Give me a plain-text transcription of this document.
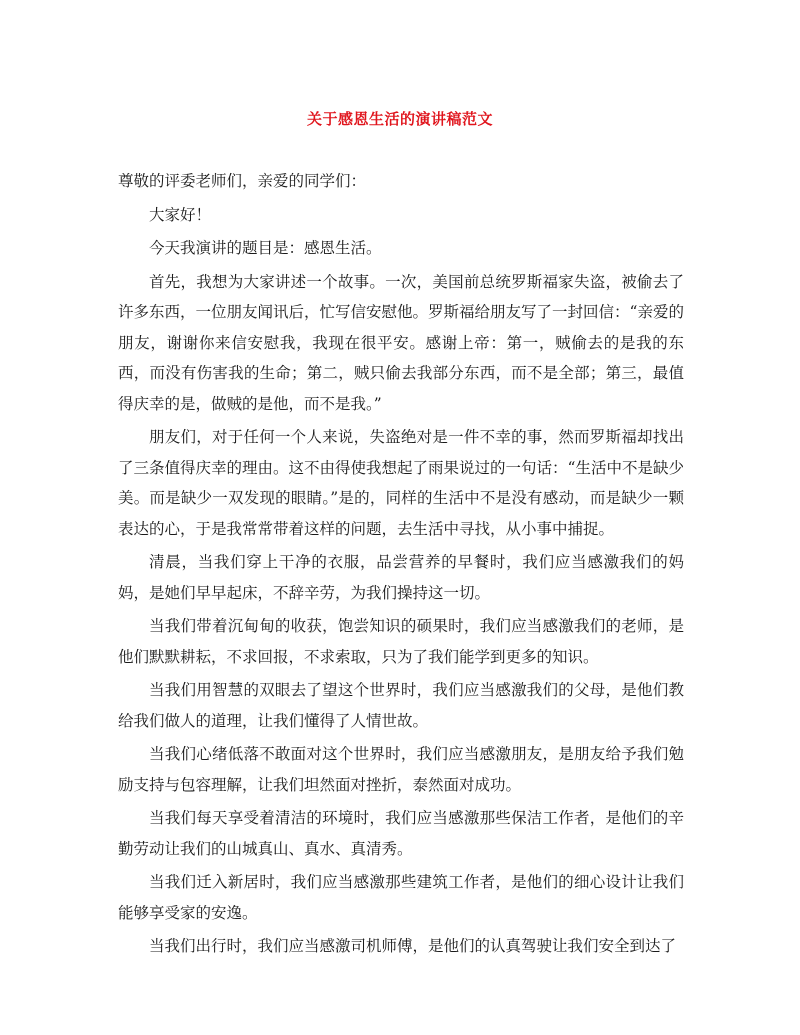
关于感恩生活的演讲稿范文

尊敬的评委老师们，亲爱的同学们：

大家好！

今天我演讲的题目是：感恩生活。

首先，我想为大家讲述一个故事。一次，美国前总统罗斯福家失盗，被偷去了许多东西，一位朋友闻讯后，忙写信安慰他。罗斯福给朋友写了一封回信：“亲爱的朋友，谢谢你来信安慰我，我现在很平安。感谢上帝：第一，贼偷去的是我的东西，而没有伤害我的生命；第二，贼只偷去我部分东西，而不是全部；第三，最值得庆幸的是，做贼的是他，而不是我。”

朋友们，对于任何一个人来说，失盗绝对是一件不幸的事，然而罗斯福却找出了三条值得庆幸的理由。这不由得使我想起了雨果说过的一句话：“生活中不是缺少美。而是缺少一双发现的眼睛。”是的，同样的生活中不是没有感动，而是缺少一颗表达的心，于是我常常带着这样的问题，去生活中寻找，从小事中捕捉。

清晨，当我们穿上干净的衣服，品尝营养的早餐时，我们应当感激我们的妈妈，是她们早早起床，不辞辛劳，为我们操持这一切。

当我们带着沉甸甸的收获，饱尝知识的硕果时，我们应当感激我们的老师，是他们默默耕耘，不求回报，不求索取，只为了我们能学到更多的知识。

当我们用智慧的双眼去了望这个世界时，我们应当感激我们的父母，是他们教给我们做人的道理，让我们懂得了人情世故。

当我们心绪低落不敢面对这个世界时，我们应当感激朋友，是朋友给予我们勉励支持与包容理解，让我们坦然面对挫折，泰然面对成功。

当我们每天享受着清洁的环境时，我们应当感激那些保洁工作者，是他们的辛勤劳动让我们的山城真山、真水、真清秀。

当我们迁入新居时，我们应当感激那些建筑工作者，是他们的细心设计让我们能够享受家的安逸。

当我们出行时，我们应当感激司机师傅，是他们的认真驾驶让我们安全到达了
